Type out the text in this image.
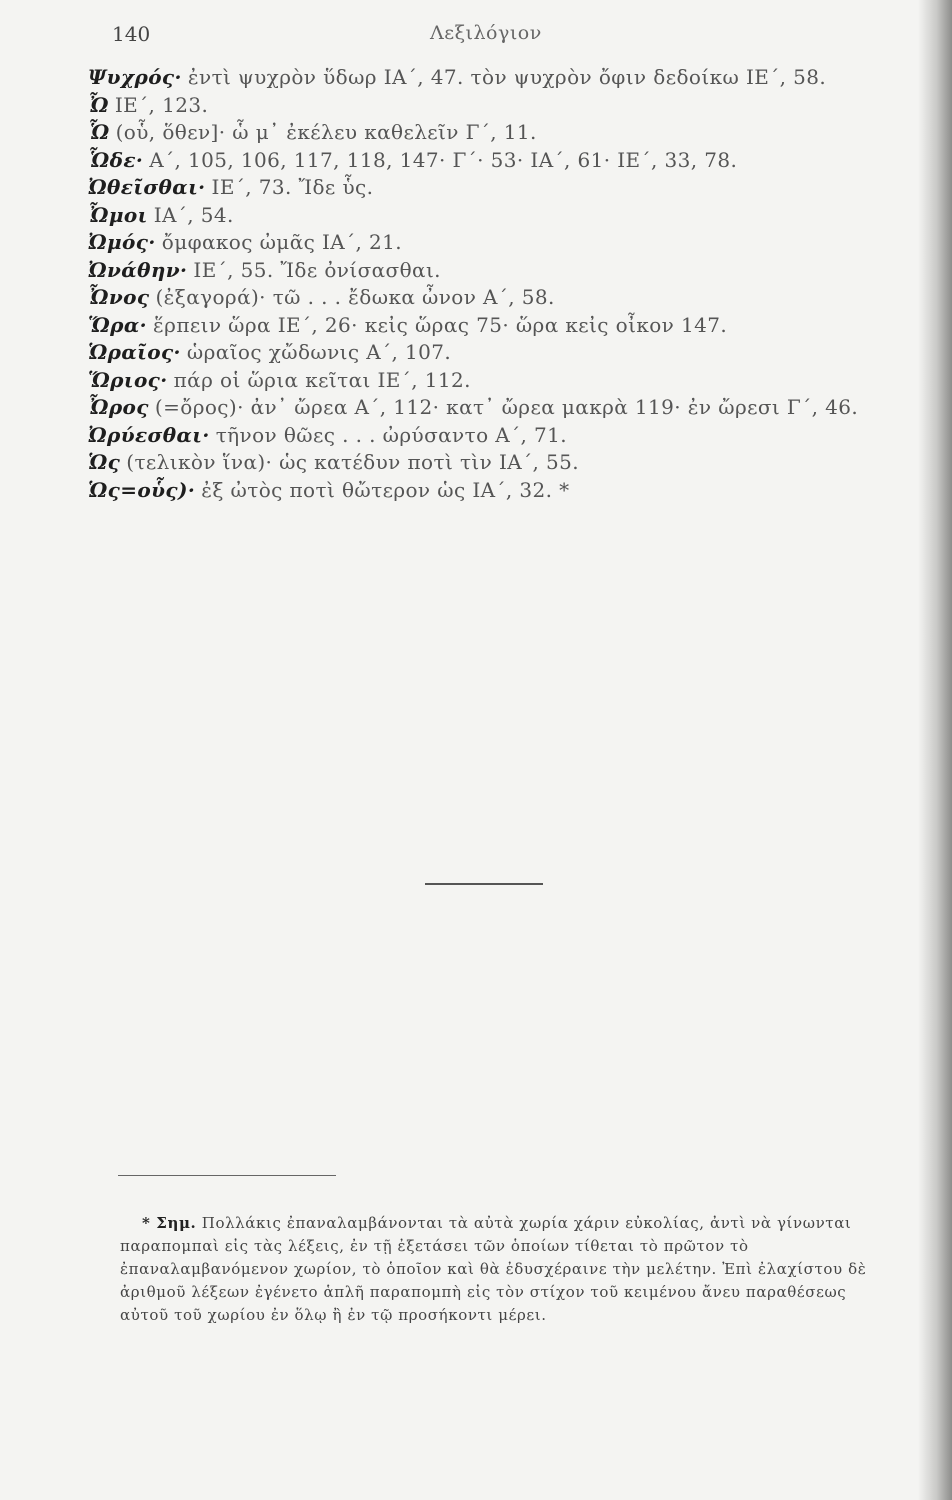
140	Λεξιλόγιον
Ψυχρός· ἐντὶ ψυχρὸν ὕδωρ ΙΑ΄, 47. τὸν ψυχρὸν ὄφιν δεδοίκω ΙΕ΄, 58.
Ὦ ΙΕ΄, 123.
Ὧ (οὗ, ὅθεν]· ὧ μ᾽ ἐκέλευ καθελεῖν Γ΄, 11.
Ὧδε· Α΄, 105, 106, 117, 118, 147· Γ΄· 53· ΙΑ΄, 61· ΙΕ΄, 33, 78.
Ὠθεῖσθαι· ΙΕ΄, 73. Ἴδε ὗς.
Ὦμοι ΙΑ΄, 54.
Ὠμός· ὄμφακος ὠμᾶς ΙΑ΄, 21.
Ὠνάθην· ΙΕ΄, 55. Ἴδε ὀνίσασθαι.
Ὦνος (ἐξαγορά)· τῶ . . . ἔδωκα ὦνον Α΄, 58.
Ὥρα· ἕρπειν ὥρα ΙΕ΄, 26· κεἰς ὥρας 75· ὥρα κεἰς οἶκον 147.
Ὡραῖος· ὡραῖος χὤδωνις Α΄, 107.
Ὥριος· πάρ οἱ ὥρια κεῖται ΙΕ΄, 112.
Ὦρος (=ὄρος)· ἀν᾽ ὤρεα Α΄, 112· κατ᾽ ὤρεα μακρὰ 119· ἐν ὤρεσι Γ΄, 46.
Ὠρύεσθαι· τῆνον θῶες . . . ὠρύσαντο Α΄, 71.
Ὡς (τελικὸν ἵνα)· ὡς κατέδυν ποτὶ τὶν ΙΑ΄, 55.
Ὡς=οὗς)· ἐξ ὠτὸς ποτὶ θὤτερον ὡς ΙΑ΄, 32. *
* Σημ. Πολλάκις ἐπαναλαμβάνονται τὰ αὐτὰ χωρία χάριν εὐκολίας, ἀντὶ νὰ γίνωνται παραπομπαὶ εἰς τὰς λέξεις, ἐν τῇ ἐξετάσει τῶν ὁποίων τίθεται τὸ πρῶτον τὸ ἐπαναλαμβανόμενον χωρίον, τὸ ὁποῖον καὶ θὰ ἐδυσχέραινε τὴν μελέτην. Ἐπὶ ἐλαχίστου δὲ ἀριθμοῦ λέξεων ἐγένετο ἁπλῆ παραπομπὴ εἰς τὸν στίχον τοῦ κειμένου ἄνευ παραθέσεως αὐτοῦ τοῦ χωρίου ἐν ὅλῳ ἢ ἐν τῷ προσήκοντι μέρει.
